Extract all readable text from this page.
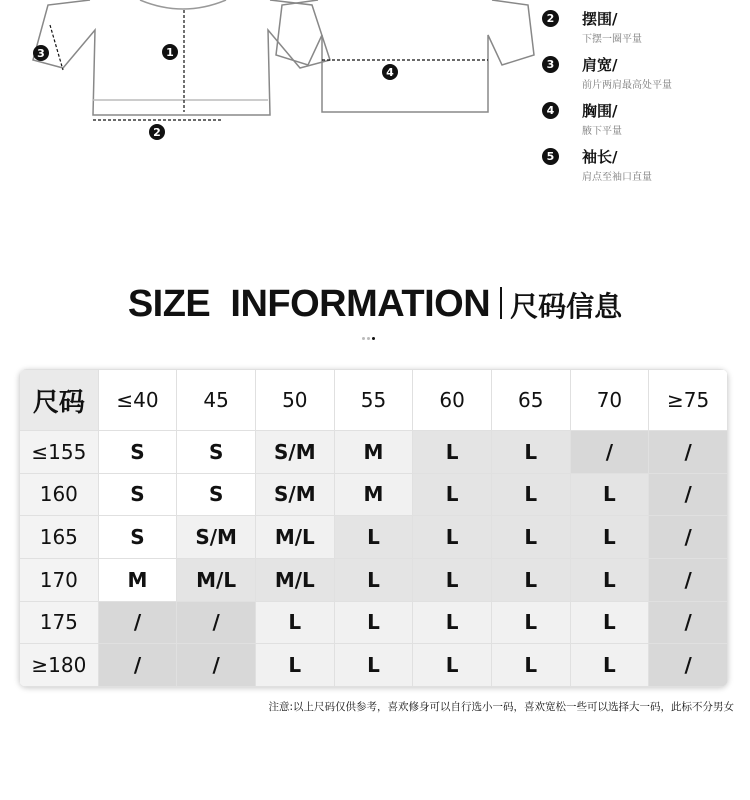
1
2
3
4
2	摆围/
下摆一圈平量
3	肩宽/
前片两肩最高处平量
4	胸围/
腋下平量
5	袖长/
肩点至袖口直量
SIZE  INFORMATION 尺码信息
尺码	≤40	45	50	55	60	65	70	≥75
≤155	S	S	S/M	M	L	L	/	/
160	S	S	S/M	M	L	L	L	/
165	S	S/M	M/L	L	L	L	L	/
170	M	M/L	M/L	L	L	L	L	/
175	/	/	L	L	L	L	L	/
≥180	/	/	L	L	L	L	L	/
注意:以上尺码仅供参考，喜欢修身可以自行选小一码，喜欢宽松一些可以选择大一码，此标不分男女
